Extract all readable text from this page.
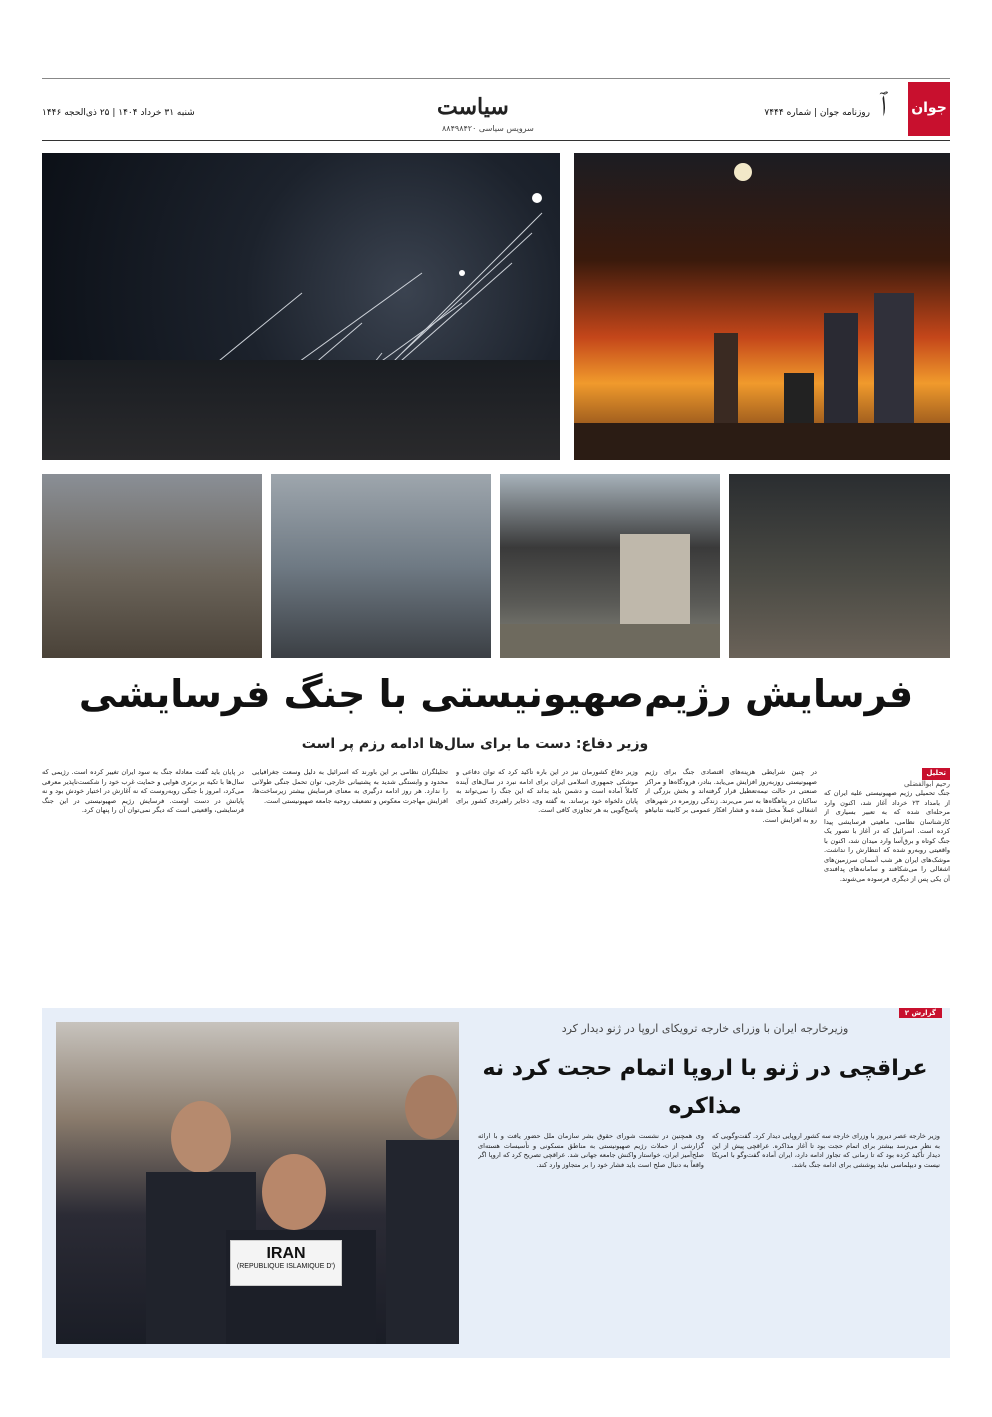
جوان
ﭐ
روزنامه جوان | شماره ۷۴۴۴
سیاست
سرویس سیاسی ۸۸۴۹۸۴۲۰
شنبه ۳۱ خرداد ۱۴۰۴ | ۲۵ ذی‌الحجه ۱۴۴۶
فرسایش رژیم‌صهیونیستی با جنگ فرسایشی
وزیر دفاع: دست ما برای سال‌ها ادامه رزم پر است
تحلیل
رحیم ابوالفضلی
جنگ تحمیلی رژیم صهیونیستی علیه ایران که از بامداد ۲۳ خرداد آغاز شد، اکنون وارد مرحله‌ای شده که به تعبیر بسیاری از کارشناسان نظامی، ماهیتی فرسایشی پیدا کرده است. اسرائیل که در آغاز با تصور یک جنگ کوتاه و برق‌آسا وارد میدان شد، اکنون با واقعیتی روبه‌رو شده که انتظارش را نداشت. موشک‌های ایران هر شب آسمان سرزمین‌های اشغالی را می‌شکافند و سامانه‌های پدافندی آن یکی پس از دیگری فرسوده می‌شوند.
در چنین شرایطی هزینه‌های اقتصادی جنگ برای رژیم صهیونیستی روزبه‌روز افزایش می‌یابد. بنادر، فرودگاه‌ها و مراکز صنعتی در حالت نیمه‌تعطیل قرار گرفته‌اند و بخش بزرگی از ساکنان در پناهگاه‌ها به سر می‌برند. زندگی روزمره در شهرهای اشغالی عملاً مختل شده و فشار افکار عمومی بر کابینه نتانیاهو رو به افزایش است.
وزیر دفاع کشورمان نیز در این باره تأکید کرد که توان دفاعی و موشکی جمهوری اسلامی ایران برای ادامه نبرد در سال‌های آینده کاملاً آماده است و دشمن باید بداند که این جنگ را نمی‌تواند به پایان دلخواه خود برساند. به گفته وی، ذخایر راهبردی کشور برای پاسخ‌گویی به هر تجاوزی کافی است.
تحلیلگران نظامی بر این باورند که اسرائیل به دلیل وسعت جغرافیایی محدود و وابستگی شدید به پشتیبانی خارجی، توان تحمل جنگی طولانی را ندارد. هر روز ادامه درگیری به معنای فرسایش بیشتر زیرساخت‌ها، افزایش مهاجرت معکوس و تضعیف روحیه جامعه صهیونیستی است.
در پایان باید گفت معادله جنگ به سود ایران تغییر کرده است. رژیمی که سال‌ها با تکیه بر برتری هوایی و حمایت غرب خود را شکست‌ناپذیر معرفی می‌کرد، امروز با جنگی روبه‌روست که نه آغازش در اختیار خودش بود و نه پایانش در دست اوست. فرسایش رژیم صهیونیستی در این جنگ فرسایشی، واقعیتی است که دیگر نمی‌توان آن را پنهان کرد.
گزارش ۲
IRAN
(REPUBLIQUE ISLAMIQUE D')
وزیرخارجه ایران با وزرای خارجه ترویکای اروپا در ژنو دیدار کرد
عراقچی در ژنو با اروپا اتمام حجت کرد نه مذاکره
وزیر خارجه عصر دیروز با وزرای خارجه سه کشور اروپایی دیدار کرد. گفت‌وگویی که به نظر می‌رسد بیشتر برای اتمام حجت بود تا آغاز مذاکره. عراقچی پیش از این دیدار تأکید کرده بود که تا زمانی که تجاوز ادامه دارد، ایران آماده گفت‌وگو با امریکا نیست و دیپلماسی نباید پوششی برای ادامه جنگ باشد.
وی همچنین در نشست شورای حقوق بشر سازمان ملل حضور یافت و با ارائه گزارشی از حملات رژیم صهیونیستی به مناطق مسکونی و تأسیسات هسته‌ای صلح‌آمیز ایران، خواستار واکنش جامعه جهانی شد. عراقچی تصریح کرد که اروپا اگر واقعاً به دنبال صلح است باید فشار خود را بر متجاوز وارد کند.
